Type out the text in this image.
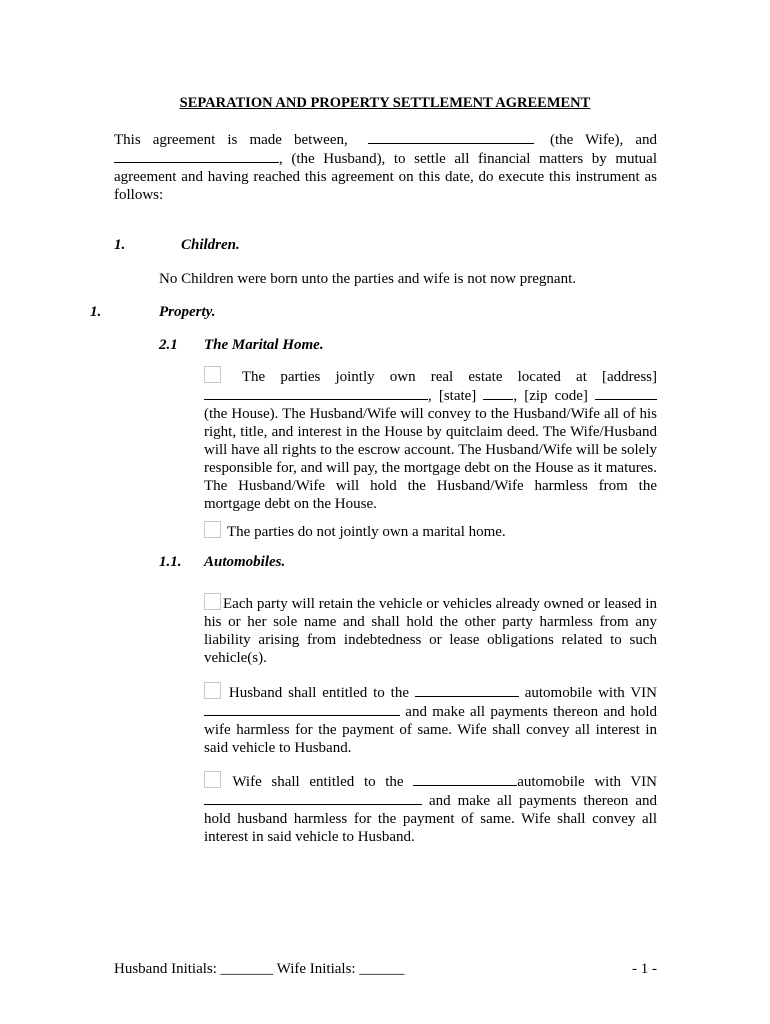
SEPARATION AND PROPERTY SETTLEMENT AGREEMENT
This agreement is made between,	(the Wife), and , (the Husband), to settle all financial matters by mutual agreement and having reached this agreement on this date, do execute this instrument as follows:
1.	Children.
No Children were born unto the parties and wife is not now pregnant.
1.	Property.
2.1 The Marital Home.
The parties jointly own real estate located at [address] , [state] , [zip code]  (the House). The Husband/Wife will convey to the Husband/Wife all of his right, title, and interest in the House by quitclaim deed. The Wife/Husband will have all rights to the escrow account. The Husband/Wife will be solely responsible for, and will pay, the mortgage debt on the House as it matures. The Husband/Wife will hold the Husband/Wife harmless from the mortgage debt on the House.
The parties do not jointly own a marital home.
1.1. Automobiles.
Each party will retain the vehicle or vehicles already owned or leased in his or her sole name and shall hold the other party harmless from any liability arising from indebtedness or lease obligations related to such vehicle(s).
Husband shall entitled to the	automobile with VIN  and make all payments thereon and hold wife harmless for the payment of same. Wife shall convey all interest in said vehicle to Husband.
Wife shall entitled to the	automobile with VIN  and make all payments thereon and hold husband harmless for the payment of same. Wife shall convey all interest in said vehicle to Husband.
Husband Initials: _______ Wife Initials: ______	- 1 -
